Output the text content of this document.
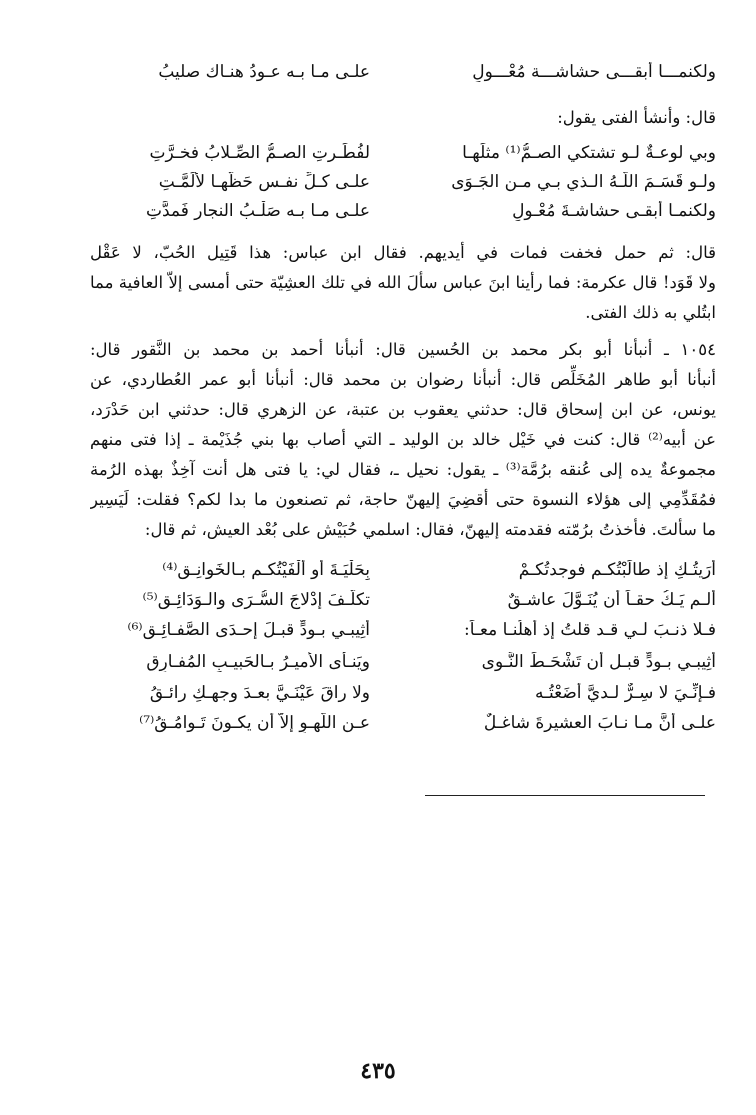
ولكنمـــا أبقـــى حشاشـــة مُعْـــولِ
علـى مـا بـه عـودُ هنـاك صليبُ
قال: وأنشأ الفتى يقول:
وبي لوعـةٌ لـو تشتكي الصـمُّ⁽¹⁾ مثلَهـا
لفُطِّـرتِ الصـمُّ الصِّـلابُ فخـرَّتِ
ولـو قَسَـمَ اللَّـهُ الـذي بـي مـن الجَـوَى
علـى كـلِّ نفـسٍ حَظَّهـا لألَمَّـتِ
ولكنمـا أبقـى حشاشـةَ مُعْـولٍ
علـى مـا بـه صَلْـبُ النجار فَمدَّتِ
قال: ثم حمل فخفت فمات في أيديهم. فقال ابن عباس: هذا قَتِيل الحُبّ، لا عَقْل
ولا قَوَد! قال عكرمة: فما رأينا ابنَ عباس سألَ الله في تلك العشِيّة حتى أمسى إلاّ العافية مما
ابتُلي به ذلك الفتى.
١٠٥٤ ـ أنبأنا أبو بكر محمد بن الحُسين قال: أنبأنا أحمد بن محمد بن النَّقور قال:
أنبأنا أبو طاهر المُخَلِّص قال: أنبأنا رضوان بن محمد قال: أنبأنا أبو عمر العُطاردي، عن
يونس، عن ابن إسحاق قال: حدثني يعقوب بن عتبة، عن الزهري قال: حدثني ابن حَدْرَد،
عن أبيه⁽²⁾ قال: كنت في خَيْل خالد بن الوليد ـ التي أصاب بها بني جُذَيْمة ـ إذا فتى منهم
مجموعةٌ يده إلى عُنقه برُمَّة⁽³⁾ ـ يقول: نحيل ـ، فقال لي: يا فتى هل أنت آخِذٌ بهذه الرُمة
فمُقَدِّمِي إلى هؤلاء النسوة حتى أقضِيَ إليهنّ حاجة، ثم تصنعون ما بدا لكم؟ فقلت: لَيَسِير
ما سألتَ. فأخذتُ برُمّته فقدمته إليهنّ، فقال: اسلمي حُبَيْش على بُعْد العيش، ثم قال:
أرَيتُـكِ إذ طالَبْتُكـم فوجدتُكـمْ
بِحَلْيَـةَ أو أَلْفَيْتُكـم بـالخَوانِـقِ⁽⁴⁾
ألـم يَـكُ حقـاً أن يُنَـوَّلَ عاشـقٌ
تكلَّـفَ إدْلاجَ السُّـرَى والـوَدَائِـقِ⁽⁵⁾
فـلا ذنـبَ لـي قـد قلتُ إذ أهلُنـا معـاً:
أثِيبـي بـودٍّ قبـلَ إحـدَى الصَّفـائِـقِ⁽⁶⁾
أثِيبـي بـودٍّ قبـل أن تَشْحَـطَ النَّـوى
ويَنـأى الأميـرُ بـالحَبيـبِ المُفـارِقِ
فـإنِّـيَ لا سِـرٌّ لـديَّ أضَعْتُـه
ولا راقَ عَيْنَـيَّ بعـدَ وجهِـكِ رائـقُ
علـى أنَّ مـا نـابَ العشيرةَ شاغـلٌ
عـن اللَّهـوِ إلاّ أن يكـونَ تَـوامُـقُ⁽⁷⁾
٤٣٥
